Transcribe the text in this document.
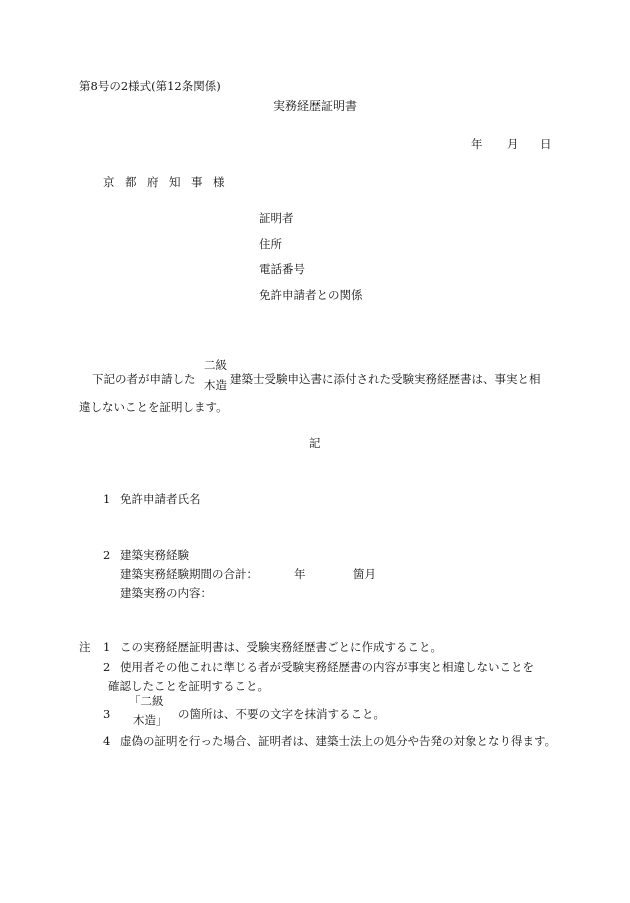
第8号の2様式(第12条関係)
実務経歴証明書
年 月 日
京 都 府 知 事 様
証明者
住所
電話番号
免許申請者との関係
下記の者が申請した
二級
木造 建築士受験申込書に添付された受験実務経歴書は、事実と相
違しないことを証明します。
記
1 免許申請者氏名
2 建築実務経験
建築実務経験期間の合計：	年	箇月
建築実務の内容：
注 1 この実務経歴証明書は、受験実務経歴書ごとに作成すること。
2 使用者その他これに準じる者が受験実務経歴書の内容が事実と相違しないことを
確認したことを証明すること。
3
「二級
木造」 の箇所は、不要の文字を抹消すること。
4 虚偽の証明を行った場合、証明者は、建築士法上の処分や告発の対象となり得ます。
